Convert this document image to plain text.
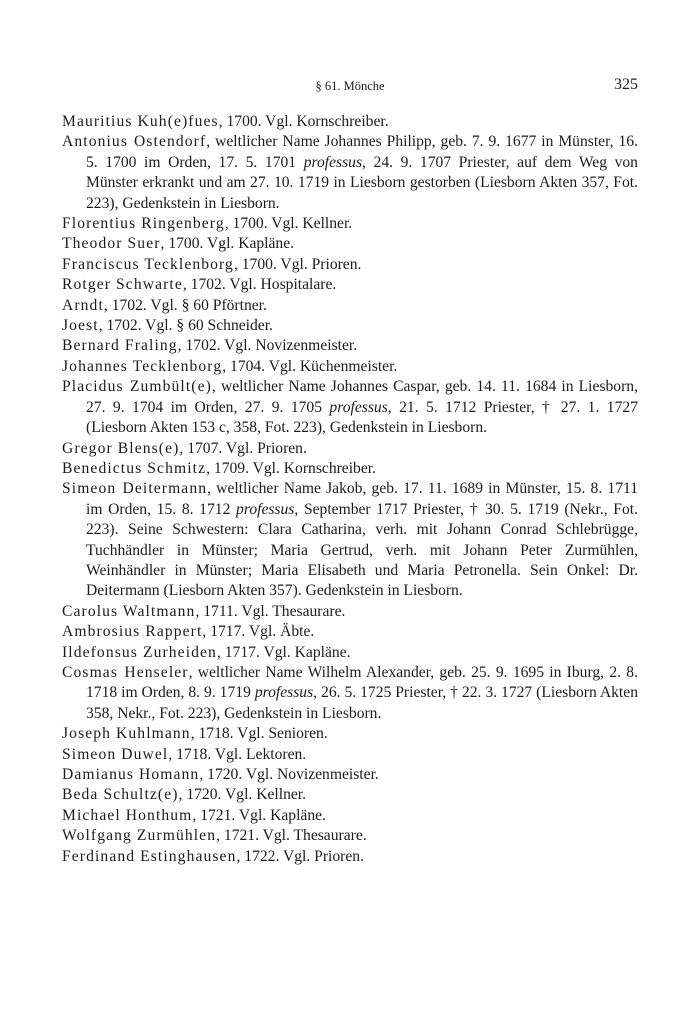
§ 61. Mönche	325

Mauritius Kuh(e)fues, 1700. Vgl. Kornschreiber.

Antonius Ostendorf, weltlicher Name Johannes Philipp, geb. 7. 9. 1677 in Münster, 16. 5. 1700 im Orden, 17. 5. 1701 professus, 24. 9. 1707 Priester, auf dem Weg von Münster erkrankt und am 27. 10. 1719 in Liesborn gestorben (Liesborn Akten 357, Fot. 223), Gedenkstein in Liesborn.

Florentius Ringenberg, 1700. Vgl. Kellner.

Theodor Suer, 1700. Vgl. Kapläne.

Franciscus Tecklenborg, 1700. Vgl. Prioren.

Rotger Schwarte, 1702. Vgl. Hospitalare.

Arndt, 1702. Vgl. § 60 Pförtner.

Joest, 1702. Vgl. § 60 Schneider.

Bernard Fraling, 1702. Vgl. Novizenmeister.

Johannes Tecklenborg, 1704. Vgl. Küchenmeister.

Placidus Zumbült(e), weltlicher Name Johannes Caspar, geb. 14. 11. 1684 in Liesborn, 27. 9. 1704 im Orden, 27. 9. 1705 professus, 21. 5. 1712 Priester, † 27. 1. 1727 (Liesborn Akten 153 c, 358, Fot. 223), Gedenkstein in Liesborn.

Gregor Blens(e), 1707. Vgl. Prioren.

Benedictus Schmitz, 1709. Vgl. Kornschreiber.

Simeon Deitermann, weltlicher Name Jakob, geb. 17. 11. 1689 in Münster, 15. 8. 1711 im Orden, 15. 8. 1712 professus, September 1717 Priester, † 30. 5. 1719 (Nekr., Fot. 223). Seine Schwestern: Clara Catharina, verh. mit Johann Conrad Schlebrügge, Tuchhändler in Münster; Maria Gertrud, verh. mit Johann Peter Zurmühlen, Weinhändler in Münster; Maria Elisabeth und Maria Petronella. Sein Onkel: Dr. Deitermann (Liesborn Akten 357). Gedenkstein in Liesborn.

Carolus Waltmann, 1711. Vgl. Thesaurare.

Ambrosius Rappert, 1717. Vgl. Äbte.

Ildefonsus Zurheiden, 1717. Vgl. Kapläne.

Cosmas Henseler, weltlicher Name Wilhelm Alexander, geb. 25. 9. 1695 in Iburg, 2. 8. 1718 im Orden, 8. 9. 1719 professus, 26. 5. 1725 Priester, † 22. 3. 1727 (Liesborn Akten 358, Nekr., Fot. 223), Gedenkstein in Liesborn.

Joseph Kuhlmann, 1718. Vgl. Senioren.

Simeon Duwel, 1718. Vgl. Lektoren.

Damianus Homann, 1720. Vgl. Novizenmeister.

Beda Schultz(e), 1720. Vgl. Kellner.

Michael Honthum, 1721. Vgl. Kapläne.

Wolfgang Zurmühlen, 1721. Vgl. Thesaurare.

Ferdinand Estinghausen, 1722. Vgl. Prioren.
